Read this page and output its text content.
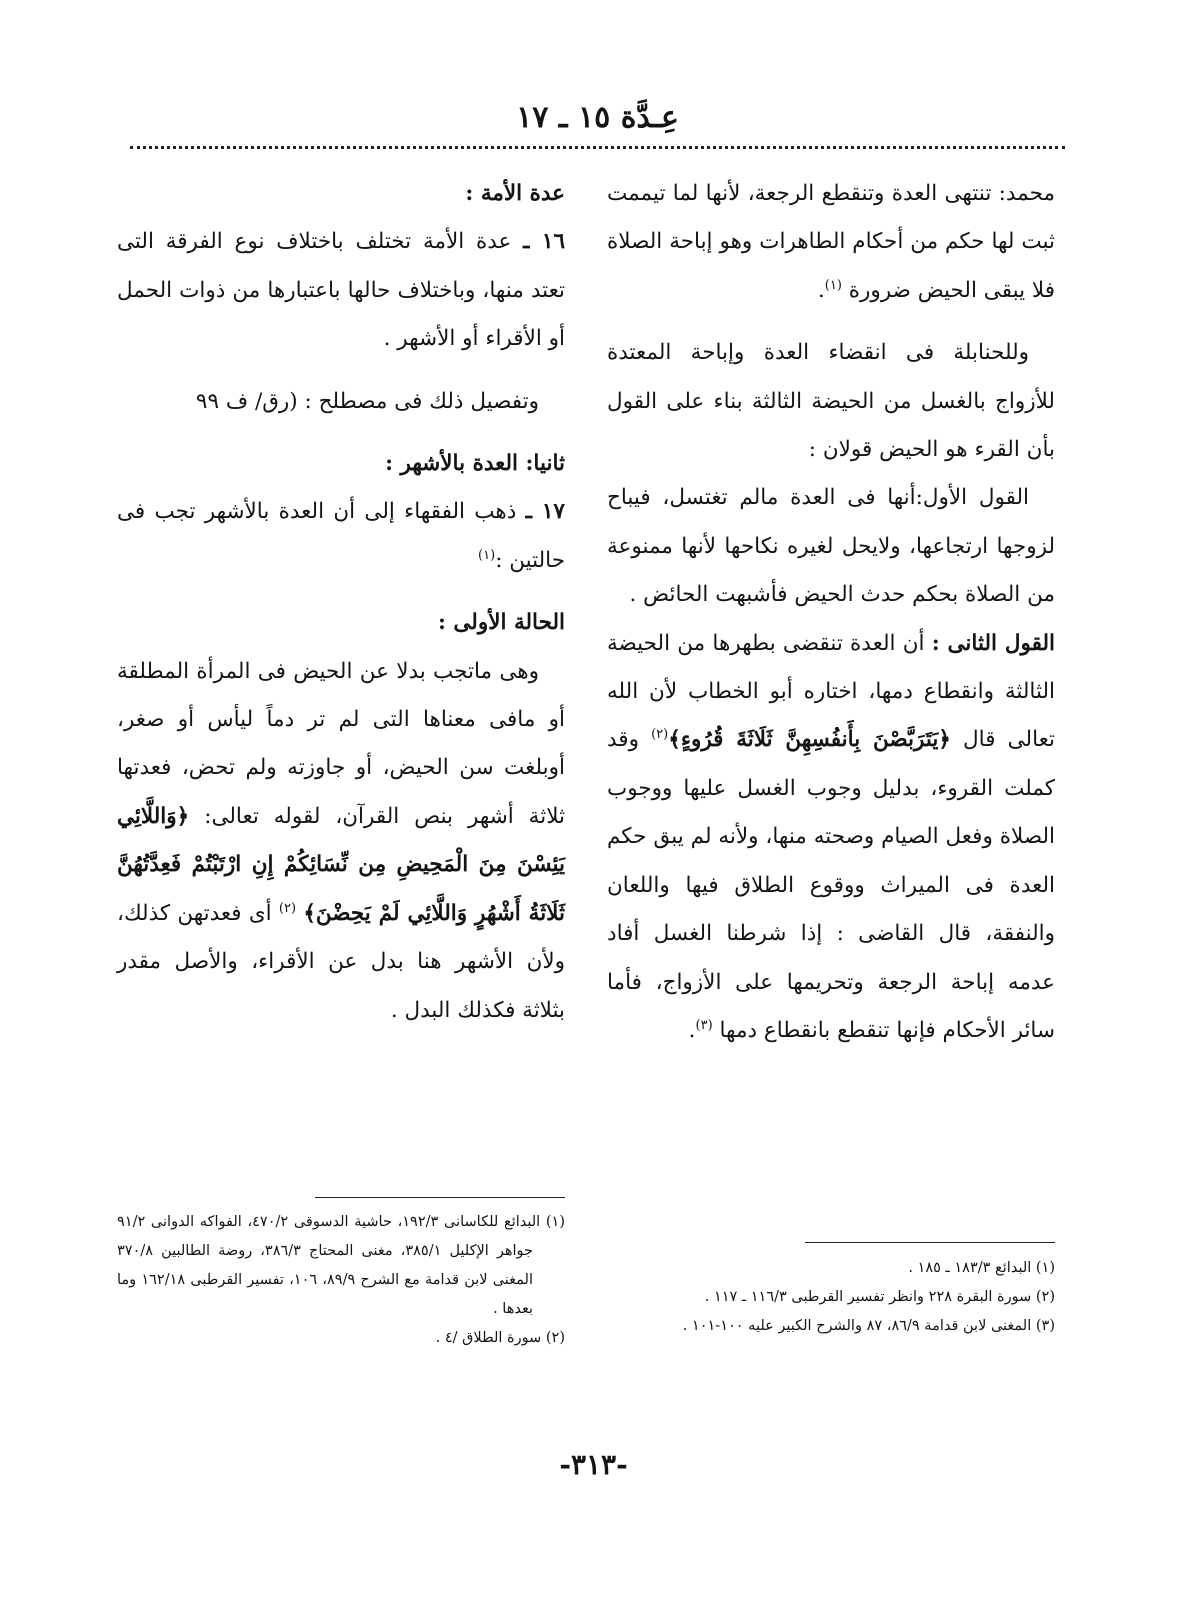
عِـدَّة ١٥ ـ ١٧

محمد: تنتهى العدة وتنقطع الرجعة، لأنها لما تيممت ثبت لها حكم من أحكام الطاهرات وهو إباحة الصلاة فلا يبقى الحيض ضرورة $^{(١)}$.

وللحنابلة فى انقضاء العدة وإباحة المعتدة للأزواج بالغسل من الحيضة الثالثة بناء على القول بأن القرء هو الحيض قولان :

القول الأول:أنها فى العدة مالم تغتسل، فيباح لزوجها ارتجاعها، ولايحل لغيره نكاحها لأنها ممنوعة من الصلاة بحكم حدث الحيض فأشبهت الحائض .

القول الثانى : أن العدة تنقضى بطهرها من الحيضة الثالثة وانقطاع دمها، اختاره أبو الخطاب لأن الله تعالى قال ﴿يَتَرَبَّصْنَ بِأَنفُسِهِنَّ ثَلَاثَةَ قُرُوءٍ﴾$^{(٢)}$ وقد كملت القروء، بدليل وجوب الغسل عليها ووجوب الصلاة وفعل الصيام وصحته منها، ولأنه لم يبق حكم العدة فى الميراث ووقوع الطلاق فيها واللعان والنفقة، قال القاضى : إذا شرطنا الغسل أفاد عدمه إباحة الرجعة وتحريمها على الأزواج، فأما سائر الأحكام فإنها تنقطع بانقطاع دمها $^{(٣)}$.

عدة الأمة :

١٦ ـ عدة الأمة تختلف باختلاف نوع الفرقة التى تعتد منها، وباختلاف حالها باعتبارها من ذوات الحمل أو الأقراء أو الأشهر .

وتفصيل ذلك فى مصطلح : (رق/ ف ٩٩

ثانيا: العدة بالأشهر :

١٧ ـ ذهب الفقهاء إلى أن العدة بالأشهر تجب فى حالتين :$^{(١)}$

الحالة الأولى :

وهى ماتجب بدلا عن الحيض فى المرأة المطلقة أو مافى معناها التى لم تر دماً ليأس أو صغر، أوبلغت سن الحيض، أو جاوزته ولم تحض، فعدتها ثلاثة أشهر بنص القرآن، لقوله تعالى: ﴿وَاللَّائِي يَئِسْنَ مِنَ الْمَحِيضِ مِن نِّسَائِكُمْ إِنِ ارْتَبْتُمْ فَعِدَّتُهُنَّ ثَلَاثَةُ أَشْهُرٍ وَاللَّائِي لَمْ يَحِضْنَ﴾ $^{(٢)}$ أى فعدتهن كذلك، ولأن الأشهر هنا بدل عن الأقراء، والأصل مقدر بثلاثة فكذلك البدل .

(١) البدائع ١٨٣/٣ ـ ١٨٥ .

(٢) سورة البقرة ٢٢٨ وانظر تفسير القرطبى ١١٦/٣ ـ ١١٧ .

(٣) المغنى لابن قدامة ٨٦/٩، ٨٧ والشرح الكبير عليه ١٠٠-١٠١ .

(١) البدائع للكاسانى ١٩٢/٣، حاشية الدسوقى ٤٧٠/٢، الفواكه الدوانى ٩١/٢ جواهر الإكليل ٣٨٥/١، مغنى المحتاج ٣٨٦/٣، روضة الطالبين ٣٧٠/٨ المغنى لابن قدامة مع الشرح ٨٩/٩، ١٠٦، تفسير القرطبى ١٦٢/١٨ وما بعدها .

(٢) سورة الطلاق /٤ .

-٣١٣-
